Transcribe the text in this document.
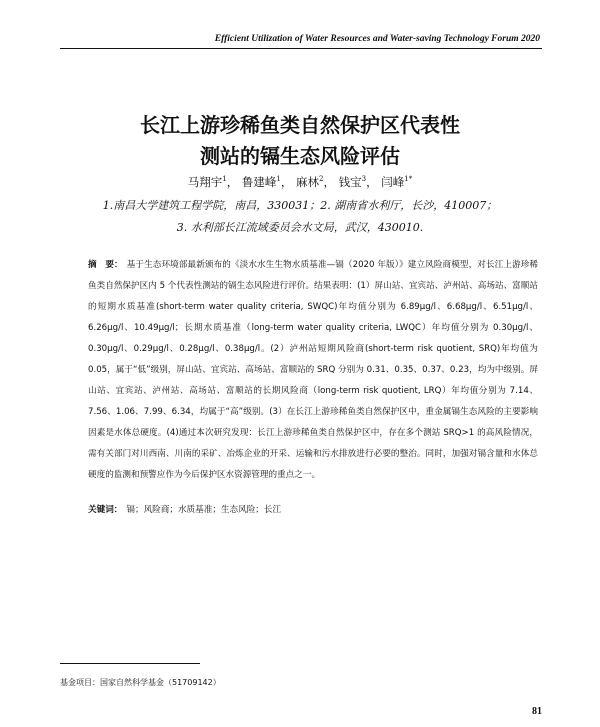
Efficient Utilization of Water Resources and Water-saving Technology Forum 2020
长江上游珍稀鱼类自然保护区代表性
测站的镉生态风险评估
马翔宇$^1$， 鲁建峰$^1$， 麻林$^2$， 钱宝$^3$， 闫峰$^{1*}$
1.南昌大学建筑工程学院，南昌，330031；2. 湖南省水利厅，长沙，410007；
3. 水利部长江流域委员会水文局，武汉，430010.
摘　要： 基于生态环境部最新颁布的《淡水水生生物水质基准—镉（2020 年版）》建立风险商模型，对长江上游珍稀鱼类自然保护区内 5 个代表性测站的镉生态风险进行评价。结果表明：(1）屏山站、宜宾站、泸州站、高场站、富顺站的短期水质基准(short-term water quality criteria, SWQC)年均值分别为 6.89μg/l、6.68μg/l、6.51μg/l、6.26μg/l、10.49μg/l；长期水质基准（long-term water quality criteria, LWQC）年均值分别为 0.30μg/l、0.30μg/l、0.29μg/l、0.28μg/l、0.38μg/l。(2）泸州站短期风险商(short-term risk quotient, SRQ)年均值为 0.05，属于“低”级别，屏山站、宜宾站、高场站、富顺站的 SRQ 分别为 0.31、0.35、0.37、0.23，均为中级别。屏山站、宜宾站、泸州站、高场站、富顺站的长期风险商（long-term risk quotient, LRQ）年均值分别为 7.14、7.56、1.06、7.99、6.34，均属于“高”级别。(3）在长江上游珍稀鱼类自然保护区中，重金属镉生态风险的主要影响因素是水体总硬度。(4)通过本次研究发现：长江上游珍稀鱼类自然保护区中，存在多个测站 SRQ>1 的高风险情况，需有关部门对川西南、川南的采矿、冶炼企业的开采、运输和污水排放进行必要的整治。同时，加强对镉含量和水体总硬度的监测和预警应作为今后保护区水资源管理的重点之一。
关键词： 镉；风险商；水质基准；生态风险；长江
基金项目：国家自然科学基金（51709142）
81
